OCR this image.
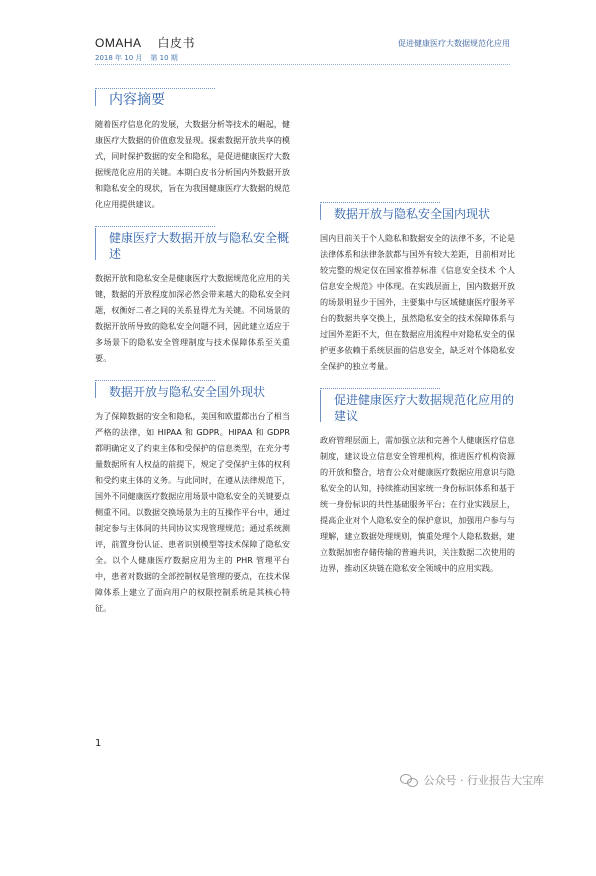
OMAHA 白皮书
2018 年 10 月 第 10 期
促进健康医疗大数据规范化应用
内容摘要

随着医疗信息化的发展，大数据分析等技术的崛起，健康医疗大数据的价值愈发显现。探索数据开放共享的模式，同时保护数据的安全和隐私，是促进健康医疗大数据规范化应用的关键。本期白皮书分析国内外数据开放和隐私安全的现状，旨在为我国健康医疗大数据的规范化应用提供建议。

健康医疗大数据开放与隐私安全概述

数据开放和隐私安全是健康医疗大数据规范化应用的关键，数据的开放程度加深必然会带来越大的隐私安全问题，权衡好二者之间的关系显得尤为关键。不同场景的数据开放所导致的隐私安全问题不同，因此建立适应于多场景下的隐私安全管理制度与技术保障体系至关重要。

数据开放与隐私安全国外现状

为了保障数据的安全和隐私，美国和欧盟都出台了相当严格的法律，如 HIPAA 和 GDPR。HIPAA 和 GDPR 都明确定义了约束主体和受保护的信息类型，在充分考量数据所有人权益的前提下，规定了受保护主体的权利和受约束主体的义务。与此同时，在遵从法律规范下，国外不同健康医疗数据应用场景中隐私安全的关键要点侧重不同。以数据交换场景为主的互操作平台中，通过制定参与主体间的共同协议实现管理规范；通过系统测评，前置身份认证、患者识别模型等技术保障了隐私安全。以个人健康医疗数据应用为主的 PHR 管理平台中，患者对数据的全部控制权是管理的要点，在技术保障体系上建立了面向用户的权限控制系统是其核心特征。

数据开放与隐私安全国内现状

国内目前关于个人隐私和数据安全的法律不多，不论是法律体系和法律条款都与国外有较大差距，目前相对比较完整的规定仅在国家推荐标准《信息安全技术 个人信息安全规范》中体现。在实践层面上，国内数据开放的场景明显少于国外，主要集中与区域健康医疗服务平台的数据共享交换上，虽然隐私安全的技术保障体系与过国外差距不大，但在数据应用流程中对隐私安全的保护更多依赖于系统层面的信息安全，缺乏对个体隐私安全保护的独立考量。

促进健康医疗大数据规范化应用的建议

政府管理层面上，需加强立法和完善个人健康医疗信息制度，建议设立信息安全管理机构，推进医疗机构资源的开放和整合，培育公众对健康医疗数据应用意识与隐私安全的认知，持续推动国家统一身份标识体系和基于统一身份标识的共性基础服务平台；在行业实践层上，提高企业对个人隐私安全的保护意识，加强用户参与与理解，建立数据处理规则，慎重处理个人隐私数据，建立数据加密存储传输的普遍共识，关注数据二次使用的边界，推动区块链在隐私安全领域中的应用实践。

1
公众号 · 行业报告大宝库
